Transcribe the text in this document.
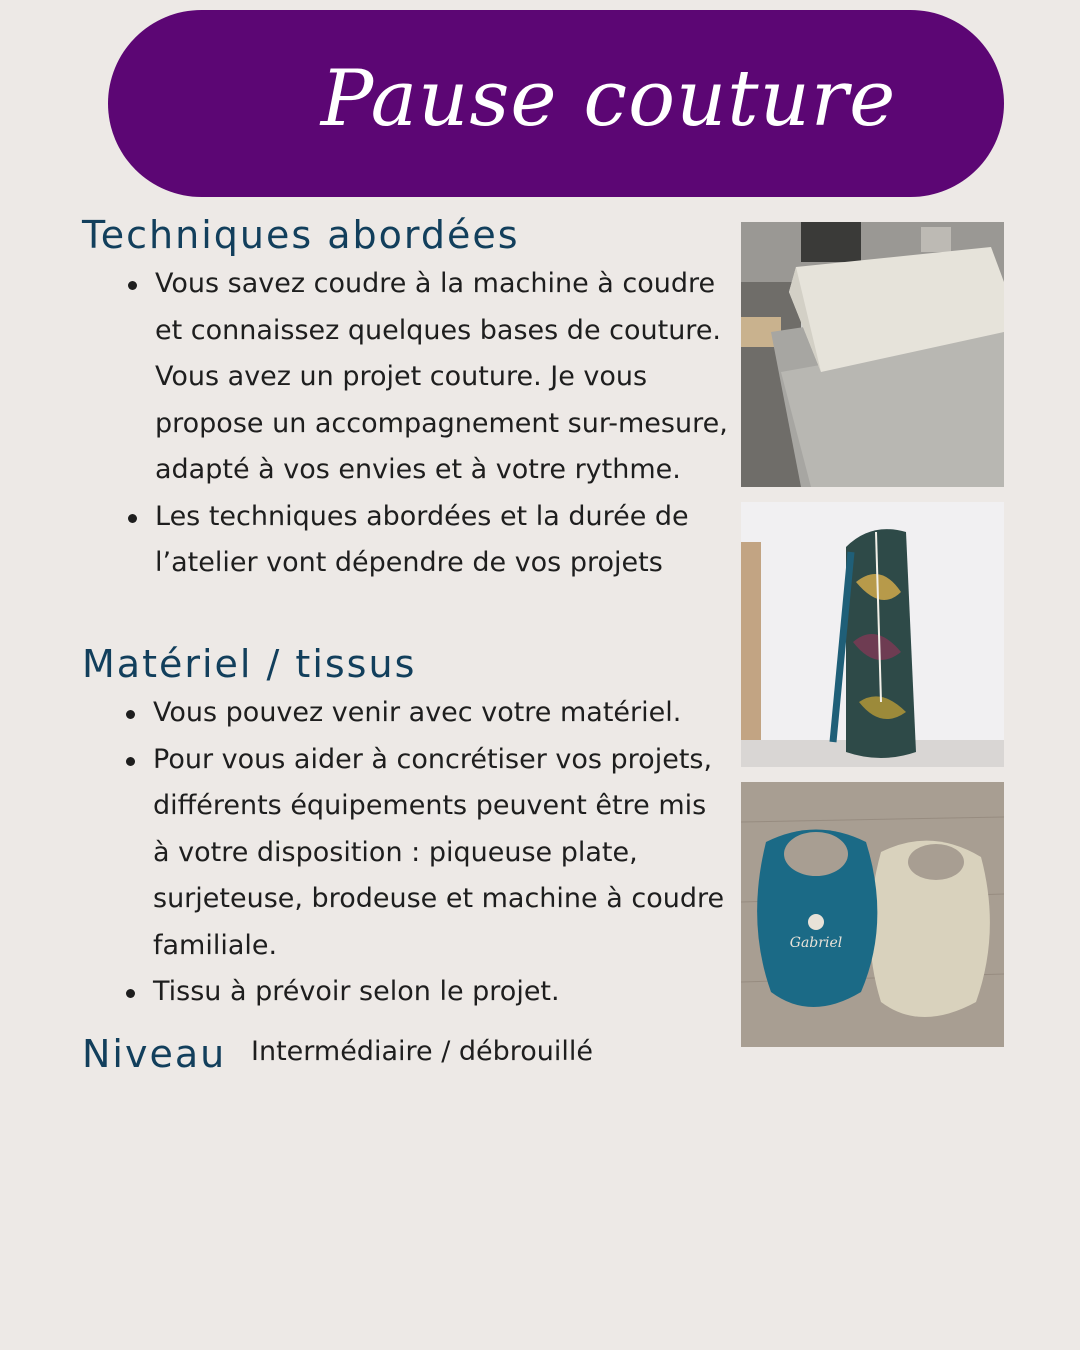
Pause couture
Techniques abordées
Vous savez coudre à la machine à coudre et connaissez quelques bases de couture. Vous avez un projet couture. Je vous propose un accompagnement sur-mesure, adapté à vos envies et à votre rythme.
Les techniques abordées et la durée de l’atelier vont dépendre de vos projets
Matériel / tissus
Vous pouvez venir avec votre matériel.
Pour vous aider à concrétiser vos projets, différents équipements peuvent être mis à votre disposition : piqueuse plate, surjeteuse, brodeuse et machine à coudre familiale.
Tissu à prévoir selon le projet.
Niveau Intermédiaire / débrouillé
Gabriel
